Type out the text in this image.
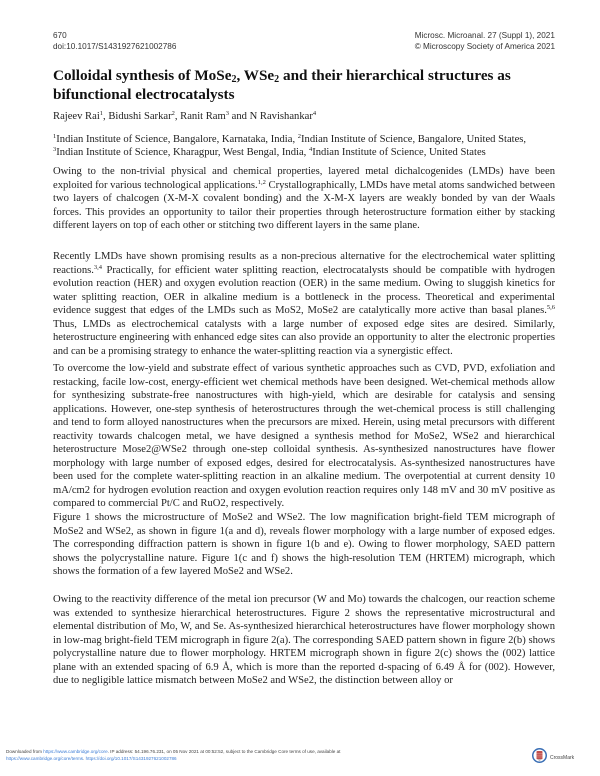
670
doi:10.1017/S1431927621002786
Microsc. Microanal. 27 (Suppl 1), 2021
© Microscopy Society of America 2021
Colloidal synthesis of MoSe$_2$, WSe$_2$ and their hierarchical structures as bifunctional electrocatalysts
Rajeev Rai$^1$, Bidushi Sarkar$^2$, Ranit Ram$^3$ and N Ravishankar$^4$
$^1$Indian Institute of Science, Bangalore, Karnataka, India, $^2$Indian Institute of Science, Bangalore, United States,
$^3$Indian Institute of Science, Kharagpur, West Bengal, India, $^4$Indian Institute of Science, United States

Owing to the non-trivial physical and chemical properties, layered metal dichalcogenides (LMDs) have been exploited for various technological applications.$^{1,2}$ Crystallographically, LMDs have metal atoms sandwiched between two layers of chalcogen (X-M-X covalent bonding) and the X-M-X layers are weakly bonded by van der Waals forces. This provides an opportunity to tailor their properties through heterostructure formation either by stacking different layers on top of each other or stitching two different layers in the same plane.

Recently LMDs have shown promising results as a non-precious alternative for the electrochemical water splitting reactions.$^{3,4}$ Practically, for efficient water splitting reaction, electrocatalysts should be compatible with hydrogen evolution reaction (HER) and oxygen evolution reaction (OER) in the same medium. Owing to sluggish kinetics for water splitting reaction, OER in alkaline medium is a bottleneck in the process. Theoretical and experimental evidence suggest that edges of the LMDs such as MoS2, MoSe2 are catalytically more active than basal planes.$^{5,6}$ Thus, LMDs as electrochemical catalysts with a large number of exposed edge sites are desired. Similarly, heterostructure engineering with enhanced edge sites can also provide an opportunity to alter the electronic properties and can be a promising strategy to enhance the water-splitting reaction via a synergistic effect.

To overcome the low-yield and substrate effect of various synthetic approaches such as CVD, PVD, exfoliation and restacking, facile low-cost, energy-efficient wet chemical methods have been designed. Wet-chemical methods allow for synthesizing substrate-free nanostructures with high-yield, which are desirable for catalysis and sensing applications. However, one-step synthesis of heterostructures through the wet-chemical process is still challenging and tend to form alloyed nanostructures when the precursors are mixed. Herein, using metal precursors with different reactivity towards chalcogen metal, we have designed a synthesis method for MoSe2, WSe2 and hierarchical heterostructure Mose2@WSe2 through one-step colloidal synthesis. As-synthesized nanostructures have flower morphology with large number of exposed edges, desired for electrocatalysis. As-synthesized nanostructures have been used for the complete water-splitting reaction in an alkaline medium. The overpotential at current density 10 mA/cm2 for hydrogen evolution reaction and oxygen evolution reaction requires only 148 mV and 30 mV positive as compared to commercial Pt/C and RuO2, respectively.

Figure 1 shows the microstructure of MoSe2 and WSe2. The low magnification bright-field TEM micrograph of MoSe2 and WSe2, as shown in figure 1(a and d), reveals flower morphology with a large number of exposed edges. The corresponding diffraction pattern is shown in figure 1(b and e). Owing to flower morphology, SAED pattern shows the polycrystalline nature. Figure 1(c and f) shows the high-resolution TEM (HRTEM) micrograph, which shows the formation of a few layered MoSe2 and WSe2.

Owing to the reactivity difference of the metal ion precursor (W and Mo) towards the chalcogen, our reaction scheme was extended to synthesize hierarchical heterostructures. Figure 2 shows the representative microstructural and elemental distribution of Mo, W, and Se. As-synthesized hierarchical heterostructures have flower morphology shown in low-mag bright-field TEM micrograph in figure 2(a). The corresponding SAED pattern shown in figure 2(b) shows polycrystalline nature due to flower morphology. HRTEM micrograph shown in figure 2(c) shows the (002) lattice plane with an extended spacing of 6.9 Å, which is more than the reported d-spacing of 6.49 Å for (002). However, due to negligible lattice mismatch between MoSe2 and WSe2, the distinction between alloy or

Downloaded from https://www.cambridge.org/core. IP address: 54.196.76.231, on 05 Nov 2021 at 00:52:52, subject to the Cambridge Core terms of use, available at
https://www.cambridge.org/core/terms. https://doi.org/10.1017/S1431927621002786	CrossMark
